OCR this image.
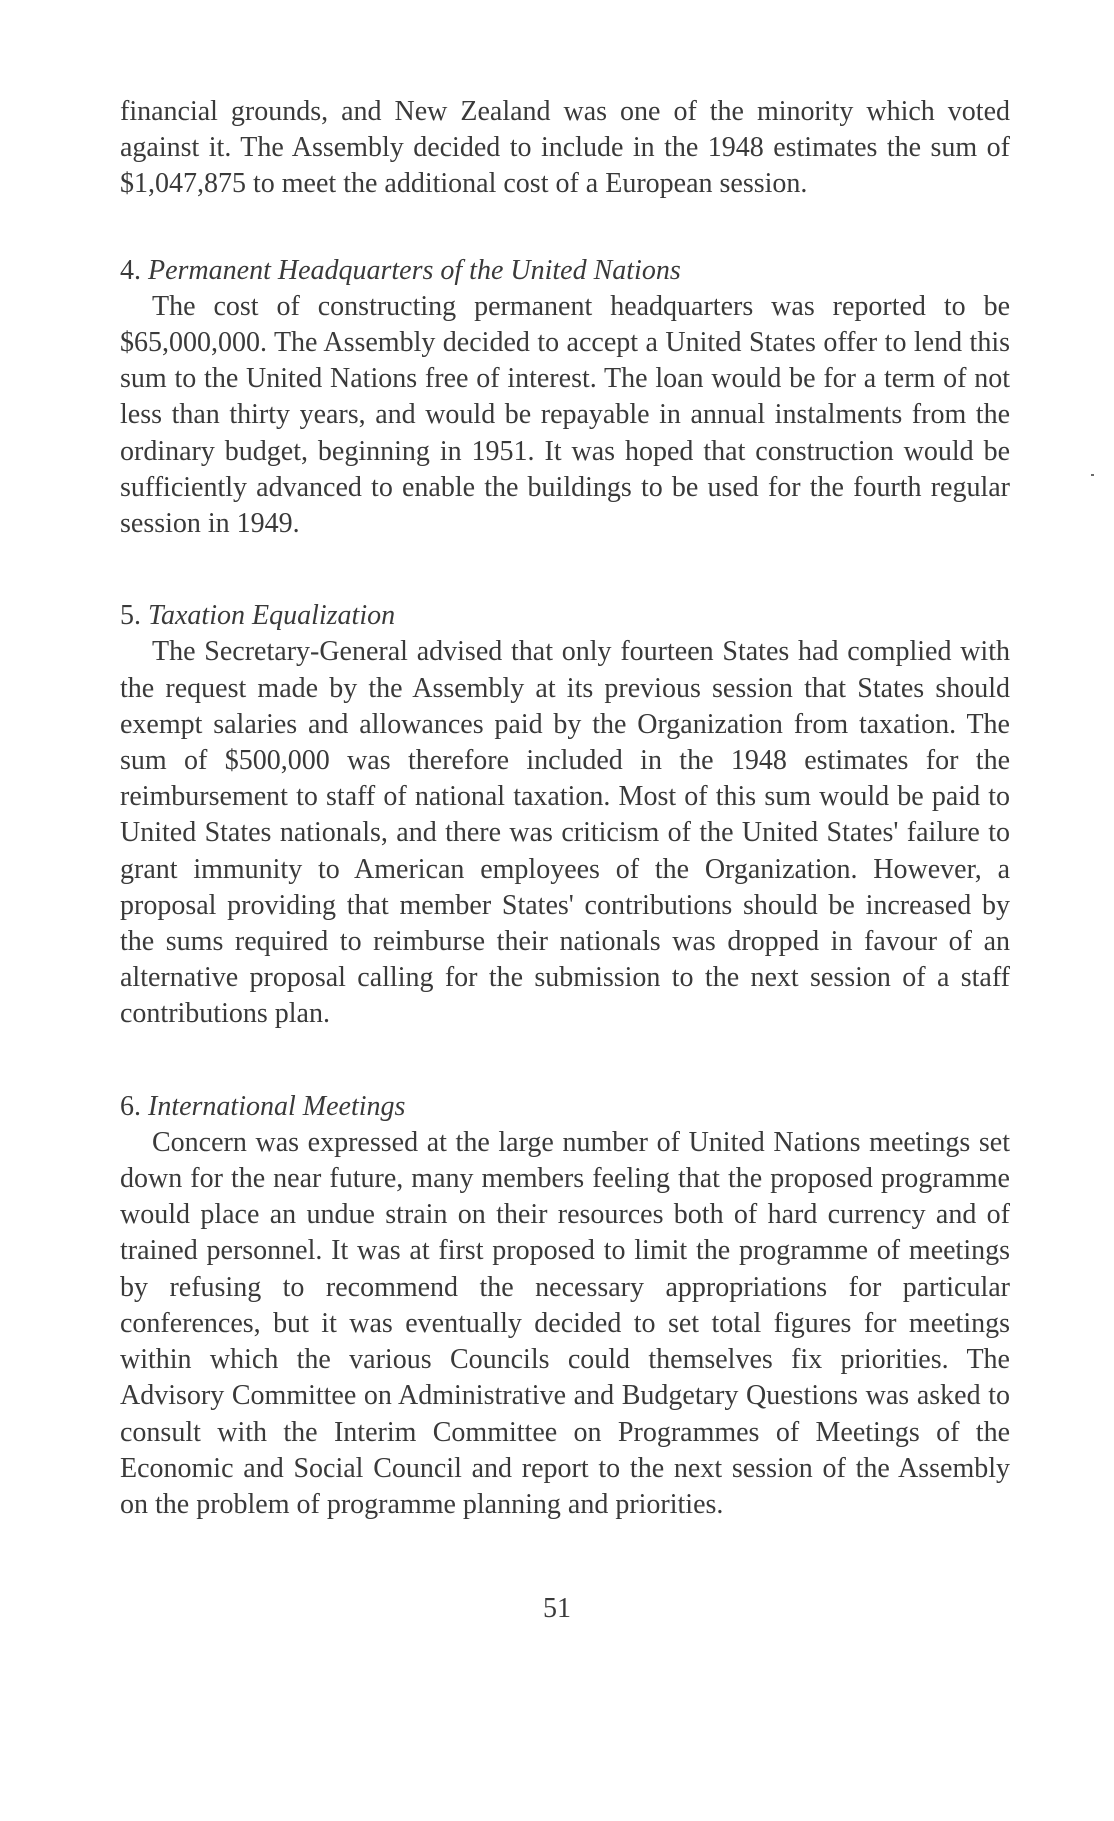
financial grounds, and New Zealand was one of the minority which voted against it. The Assembly decided to include in the 1948 estimates the sum of $1,047,875 to meet the additional cost of a European session.

4. Permanent Headquarters of the United Nations

The cost of constructing permanent headquarters was reported to be $65,000,000. The Assembly decided to accept a United States offer to lend this sum to the United Nations free of interest. The loan would be for a term of not less than thirty years, and would be repayable in annual instalments from the ordinary budget, beginning in 1951. It was hoped that construction would be sufficiently advanced to enable the buildings to be used for the fourth regular session in 1949.

5. Taxation Equalization

The Secretary-General advised that only fourteen States had complied with the request made by the Assembly at its previous session that States should exempt salaries and allowances paid by the Organization from taxation. The sum of $500,000 was therefore included in the 1948 estimates for the reimbursement to staff of national taxation. Most of this sum would be paid to United States nationals, and there was criticism of the United States' failure to grant immunity to American employees of the Organization. However, a proposal providing that member States' contributions should be increased by the sums required to reimburse their nationals was dropped in favour of an alternative proposal calling for the submission to the next session of a staff contributions plan.

6. International Meetings

Concern was expressed at the large number of United Nations meetings set down for the near future, many members feeling that the proposed programme would place an undue strain on their resources both of hard currency and of trained personnel. It was at first proposed to limit the programme of meetings by refusing to recommend the necessary appropriations for particular conferences, but it was eventually decided to set total figures for meetings within which the various Councils could themselves fix priorities. The Advisory Committee on Administrative and Budgetary Questions was asked to consult with the Interim Committee on Programmes of Meetings of the Economic and Social Council and report to the next session of the Assembly on the problem of programme planning and priorities.

51
